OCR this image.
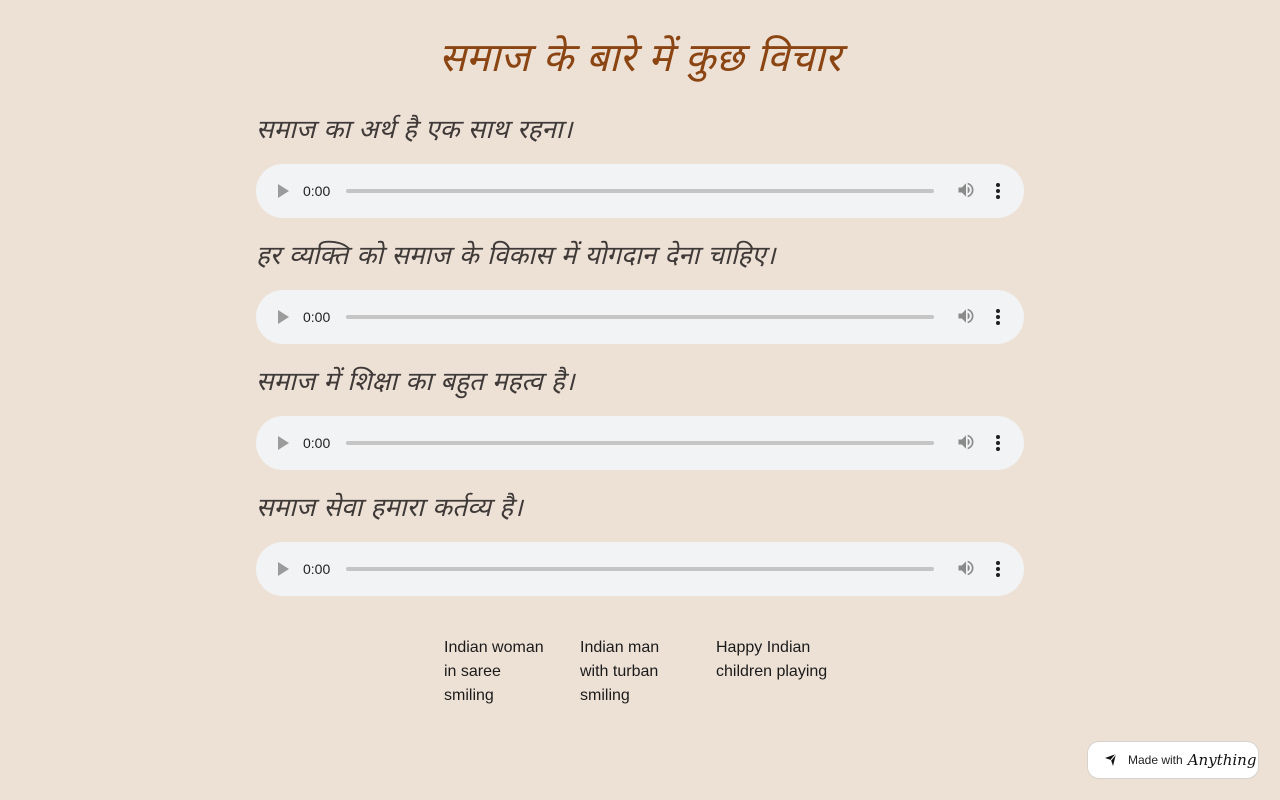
समाज के बारे में कुछ विचार

समाज का अर्थ है एक साथ रहना।

0:00

हर व्यक्ति को समाज के विकास में योगदान देना चाहिए।

0:00

समाज में शिक्षा का बहुत महत्व है।

0:00

समाज सेवा हमारा कर्तव्य है।

0:00
Indian woman in saree smiling
Indian man with turban smiling
Happy Indian children playing
Made with Anything
